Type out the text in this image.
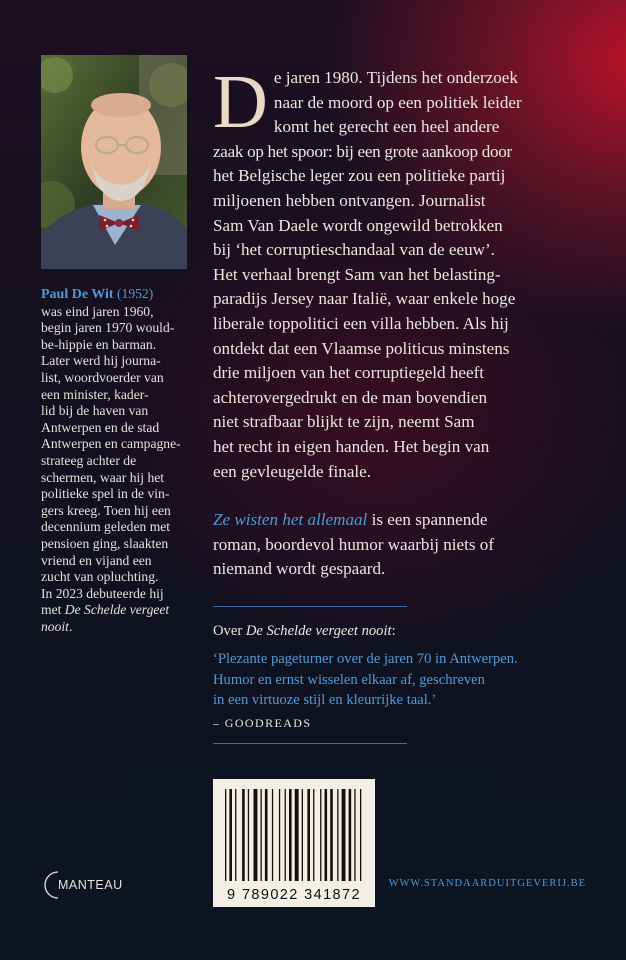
Paul De Wit (1952)

was eind jaren 1960,

begin jaren 1970 would-

be-hippie en barman.

Later werd hij journa-

list, woordvoerder van

een minister, kader-

lid bij de haven van

Antwerpen en de stad

Antwerpen en campagne-

strateeg achter de

schermen, waar hij het

politieke spel in de vin-

gers kreeg. Toen hij een

decennium geleden met

pensioen ging, slaakten

vriend en vijand een

zucht van opluchting.

In 2023 debuteerde hij

met De Schelde vergeet

nooit.

D e jaren 1980. Tijdens het onderzoek

naar de moord op een politiek leider

komt het gerecht een heel andere

zaak op het spoor: bij een grote aankoop door

het Belgische leger zou een politieke partij

miljoenen hebben ontvangen. Journalist

Sam Van Daele wordt ongewild betrokken

bij ‘het corruptieschandaal van de eeuw’.

Het verhaal brengt Sam van het belasting-

paradijs Jersey naar Italië, waar enkele hoge

liberale toppolitici een villa hebben. Als hij

ontdekt dat een Vlaamse politicus minstens

drie miljoen van het corruptiegeld heeft

achterovergedrukt en de man bovendien

niet strafbaar blijkt te zijn, neemt Sam

het recht in eigen handen. Het begin van

een gevleugelde finale.

Ze wisten het allemaal is een spannende

roman, boordevol humor waarbij niets of

niemand wordt gespaard.

Over De Schelde vergeet nooit:
‘Plezante pageturner over de jaren 70 in Antwerpen.
Humor en ernst wisselen elkaar af, geschreven
in een virtuoze stijl en kleurrijke taal.’
– GOODREADS
9 789022 341872
MANTEAU	WWW.STANDAARDUITGEVERIJ.BE
